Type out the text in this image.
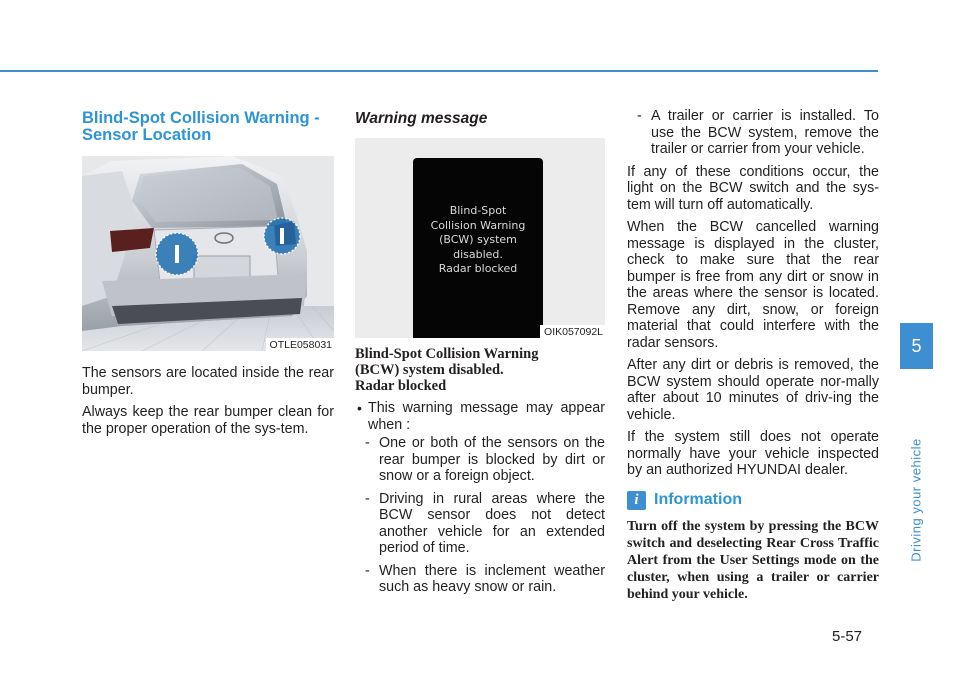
Blind-Spot Collision Warning -
Sensor Location
OTLE058031

The sensors are located inside the rear bumper.

Always keep the rear bumper clean for the proper operation of the sys-tem.

Warning message
Blind-Spot
Collision Warning
(BCW) system
disabled.
Radar blocked
OIK057092L
Blind-Spot Collision Warning
(BCW) system disabled.
Radar blocked

• This warning message may appear when :

- One or both of the sensors on the rear bumper is blocked by dirt or snow or a foreign object.
- Driving in rural areas where the BCW sensor does not detect another vehicle for an extended period of time.
- When there is inclement weather such as heavy snow or rain.
- A trailer or carrier is installed. To use the BCW system, remove the trailer or carrier from your vehicle.

If any of these conditions occur, the light on the BCW switch and the sys-tem will turn off automatically.

When the BCW cancelled warning message is displayed in the cluster, check to make sure that the rear bumper is free from any dirt or snow in the areas where the sensor is located. Remove any dirt, snow, or foreign material that could interfere with the radar sensors.

After any dirt or debris is removed, the BCW system should operate nor-mally after about 10 minutes of driv-ing the vehicle.

If the system still does not operate normally have your vehicle inspected by an authorized HYUNDAI dealer.

i Information

Turn off the system by pressing the BCW switch and deselecting Rear Cross Traffic Alert from the User Settings mode on the cluster, when using a trailer or carrier behind your vehicle.

5
Driving your vehicle
5-57
